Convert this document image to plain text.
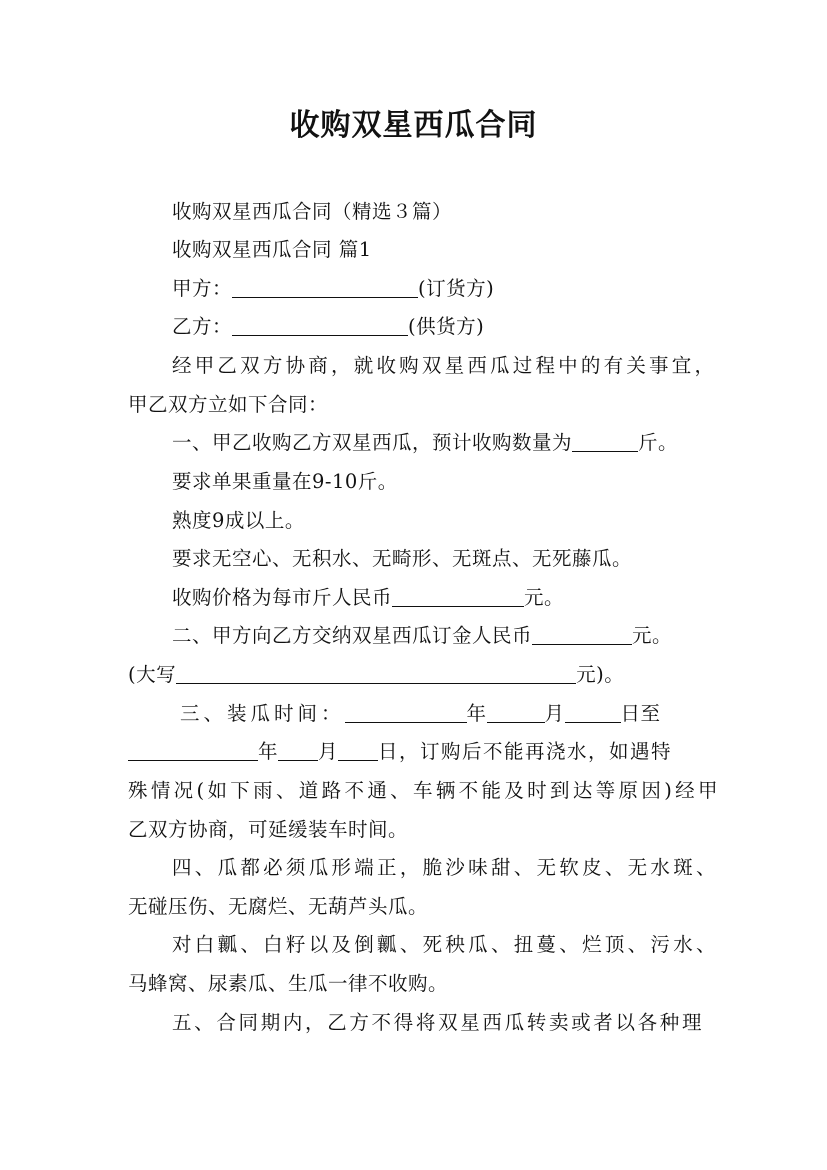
收购双星西瓜合同
收购双星西瓜合同（精选３篇）
收购双星西瓜合同 篇1
甲方：	(订货方)
乙方：	(供货方)
经甲乙双方协商，就收购双星西瓜过程中的有关事宜，
甲乙双方立如下合同：
一、甲乙收购乙方双星西瓜，预计收购数量为	斤。
要求单果重量在9-10斤。
熟度9成以上。
要求无空心、无积水、无畸形、无斑点、无死藤瓜。
收购价格为每市斤人民币	元。
二、甲方向乙方交纳双星西瓜订金人民币	元。
(大写	元)。
三、装瓜时间：	年	月	日至
年 月 日，订购后不能再浇水，如遇特
殊情况(如下雨、道路不通、车辆不能及时到达等原因)经甲
乙双方协商，可延缓装车时间。
四、瓜都必须瓜形端正，脆沙味甜、无软皮、无水斑、
无碰压伤、无腐烂、无葫芦头瓜。
对白瓤、白籽以及倒瓤、死秧瓜、扭蔓、烂顶、污水、
马蜂窝、尿素瓜、生瓜一律不收购。
五、合同期内，乙方不得将双星西瓜转卖或者以各种理
